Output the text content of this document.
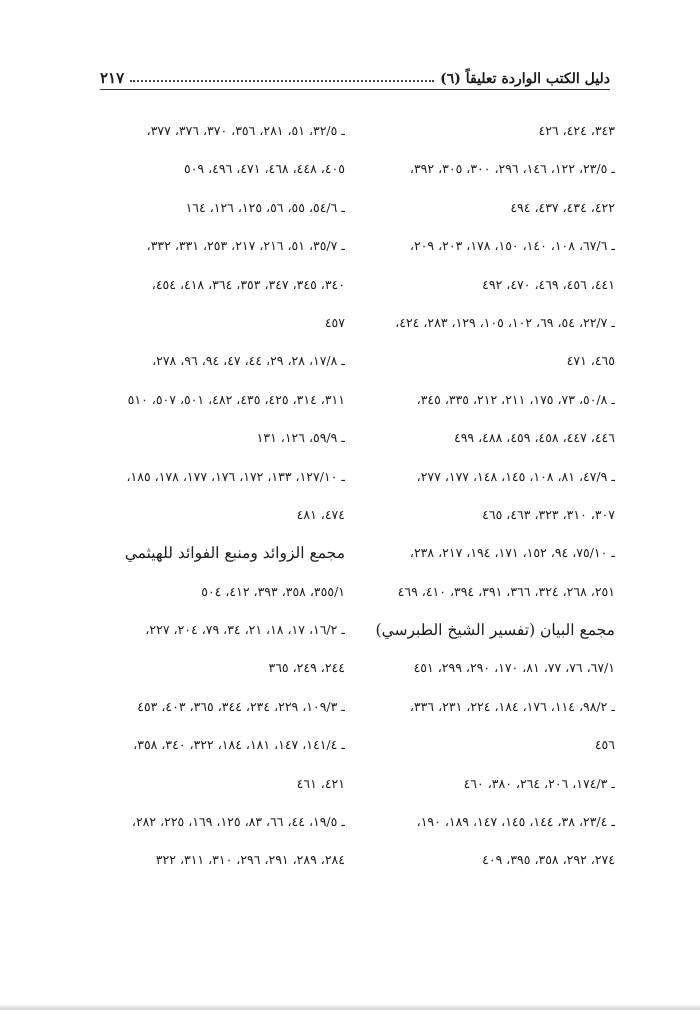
دليل الكتب الواردة تعليقاً (٦)
٢١٧
٣٤٣، ٤٢٤، ٤٢٦
ـ ٢٣/٥، ١٢٢، ١٤٦، ٢٩٦، ٣٠٠، ٣٠٥، ٣٩٢،
٤٢٢، ٤٣٤، ٤٣٧، ٤٩٤
ـ ٦٧/٦، ١٠٨، ١٤٠، ١٥٠، ١٧٨، ٢٠٣، ٢٠٩،
٤٤١، ٤٥٦، ٤٦٩، ٤٧٠، ٤٩٢
ـ ٢٢/٧، ٥٤، ٦٩، ١٠٢، ١٠٥، ١٢٩، ٢٨٣، ٤٢٤،
٤٦٥، ٤٧١
ـ ٥٠/٨، ٧٣، ١٧٥، ٢١١، ٢١٢، ٣٣٥، ٣٤٥،
٤٤٦، ٤٤٧، ٤٥٨، ٤٥٩، ٤٨٨، ٤٩٩
ـ ٤٧/٩، ٨١، ١٠٨، ١٤٥، ١٤٨، ١٧٧، ٢٧٧،
٣٠٧، ٣١٠، ٣٢٣، ٤٦٣، ٤٦٥
ـ ٧٥/١٠، ٩٤، ١٥٢، ١٧١، ١٩٤، ٢١٧، ٢٣٨،
٢٥١، ٢٦٨، ٣٢٤، ٣٦٦، ٣٩١، ٣٩٤، ٤١٠، ٤٦٩
مجمع البيان (تفسير الشيخ الطبرسي)
٦٧/١، ٧٦، ٧٧، ٨١، ١٧٠، ٢٩٠، ٢٩٩، ٤٥١
ـ ٩٨/٢، ١١٤، ١٧٦، ١٨٤، ٢٢٤، ٢٣١، ٣٣٦،
٤٥٦
ـ ١٧٤/٣، ٢٠٦، ٢٦٤، ٣٨٠، ٤٦٠
ـ ٢٣/٤، ٣٨، ١٤٤، ١٤٥، ١٤٧، ١٨٩، ١٩٠،
٢٧٤، ٢٩٢، ٣٥٨، ٣٩٥، ٤٠٩
ـ ٣٢/٥، ٥١، ٢٨١، ٣٥٦، ٣٧٠، ٣٧٦، ٣٧٧،
٤٠٥، ٤٤٨، ٤٦٨، ٤٧١، ٤٩٦، ٥٠٩
ـ ٥٤/٦، ٥٥، ٥٦، ١٢٥، ١٢٦، ١٦٤
ـ ٣٥/٧، ٥١، ٢١٦، ٢١٧، ٢٥٣، ٣٣١، ٣٣٢،
٣٤٠، ٣٤٥، ٣٤٧، ٣٥٣، ٣٦٤، ٤١٨، ٤٥٤،
٤٥٧
ـ ١٧/٨، ٢٨، ٢٩، ٤٤، ٤٧، ٩٤، ٩٦، ٢٧٨،
٣١١، ٣١٤، ٤٢٥، ٤٣٥، ٤٨٢، ٥٠١، ٥٠٧، ٥١٠
ـ ٥٩/٩، ١٢٦، ١٣١
ـ ١٢٧/١٠، ١٣٣، ١٧٢، ١٧٦، ١٧٧، ١٧٨، ١٨٥،
٤٧٤، ٤٨١
مجمع الزوائد ومنبع الفوائد للهيثمي
٣٥٥/١، ٣٥٨، ٣٩٣، ٤١٢، ٥٠٤
ـ ١٦/٢، ١٧، ١٨، ٢١، ٣٤، ٧٩، ٢٠٤، ٢٢٧،
٢٤٤، ٢٤٩، ٣٦٥
ـ ١٠٩/٣، ٢٢٩، ٢٣٤، ٣٤٤، ٣٦٥، ٤٠٣، ٤٥٣
ـ ١٤١/٤، ١٤٧، ١٨١، ١٨٤، ٣٢٢، ٣٤٠، ٣٥٨،
٤٢١، ٤٦١
ـ ١٩/٥، ٤٤، ٦٦، ٨٣، ١٢٥، ١٦٩، ٢٢٥، ٢٨٢،
٢٨٤، ٢٨٩، ٢٩١، ٢٩٦، ٣١٠، ٣١١، ٣٢٢
